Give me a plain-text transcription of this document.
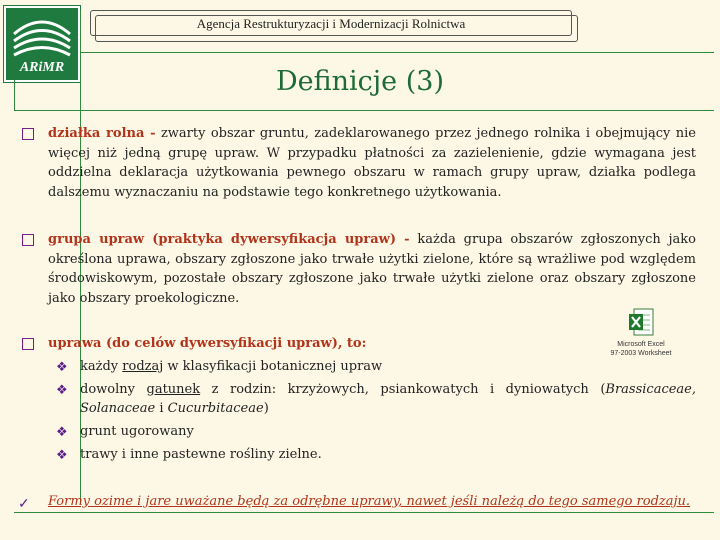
ARiMR
Agencja Restrukturyzacji i Modernizacji Rolnictwa
Definicje (3)
działka rolna - zwarty obszar gruntu, zadeklarowanego przez jednego rolnika i obejmujący nie więcej niż jedną grupę upraw. W przypadku płatności za zazielenienie, gdzie wymagana jest oddzielna deklaracja użytkowania pewnego obszaru w ramach grupy upraw, działka podlega dalszemu wyznaczaniu na podstawie tego konkretnego użytkowania.
grupa upraw (praktyka dywersyfikacja upraw) - każda grupa obszarów zgłoszonych jako określona uprawa, obszary zgłoszone jako trwałe użytki zielone, które są wrażliwe pod względem środowiskowym, pozostałe obszary zgłoszone jako trwałe użytki zielone oraz obszary zgłoszone jako obszary proekologiczne.
uprawa (do celów dywersyfikacji upraw), to:
❖ każdy rodzaj w klasyfikacji botanicznej upraw
❖ dowolny gatunek z rodzin: krzyżowych, psiankowatych i dyniowatych (Brassicaceae, Solanaceae i Cucurbitaceae)
❖ grunt ugorowany
❖ trawy i inne pastewne rośliny zielne.
Microsoft Excel
97-2003 Worksheet
✓ Formy ozime i jare uważane będą za odrębne uprawy, nawet jeśli należą do tego samego rodzaju.
